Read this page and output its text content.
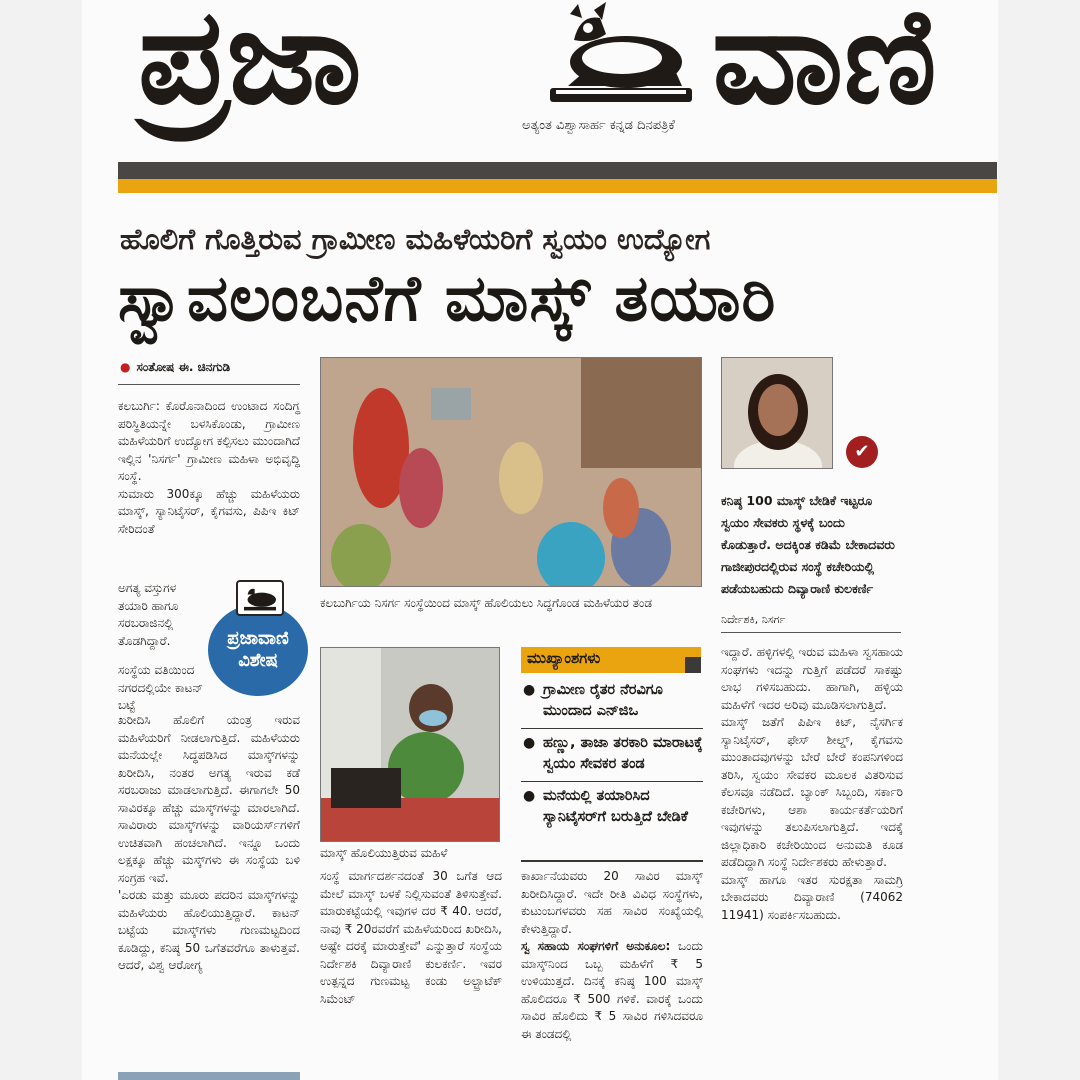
ಪ್ರಜಾ	ವಾಣಿ
ಅತ್ಯಂತ ವಿಶ್ವಾಸಾರ್ಹ ಕನ್ನಡ ದಿನಪತ್ರಿಕೆ
ಹೊಲಿಗೆ ಗೊತ್ತಿರುವ ಗ್ರಾಮೀಣ ಮಹಿಳೆಯರಿಗೆ ಸ್ವಯಂ ಉದ್ಯೋಗ
ಸ್ವಾವಲಂಬನೆಗೆ ಮಾಸ್ಕ್ ತಯಾರಿ
● ಸಂತೋಷ ಈ. ಚಿನಗುಡಿ

ಕಲಬುರ್ಗಿ: ಕೊರೊನಾದಿಂದ ಉಂಟಾದ ಸಂದಿಗ್ಧ ಪರಿಸ್ಥಿತಿಯನ್ನೇ ಬಳಸಿಕೊಂಡು, ಗ್ರಾಮೀಣ ಮಹಿಳೆಯರಿಗೆ ಉದ್ಯೋಗ ಕಲ್ಪಿಸಲು ಮುಂದಾಗಿದೆ ಇಲ್ಲಿನ 'ನಿಸರ್ಗ' ಗ್ರಾಮೀಣ ಮಹಿಳಾ ಅಭಿವೃದ್ಧಿ ಸಂಸ್ಥೆ.

ಸುಮಾರು 300ಕ್ಕೂ ಹೆಚ್ಚು ಮಹಿಳೆಯರು ಮಾಸ್ಕ್, ಸ್ಯಾನಿಟೈಸರ್, ಕೈಗವಸು, ಪಿಪಿಇ ಕಿಟ್ ಸೇರಿದಂತೆ

ಅಗತ್ಯ ವಸ್ತುಗಳ ತಯಾರಿ ಹಾಗೂ ಸರಬರಾಜಿನಲ್ಲಿ ತೊಡಗಿದ್ದಾರೆ.

ಸಂಸ್ಥೆಯ ವತಿಯಿಂದ ನಗರದಲ್ಲಿಯೇ ಕಾಟನ್ ಬಟ್ಟೆ

ಖರೀದಿಸಿ ಹೊಲಿಗೆ ಯಂತ್ರ ಇರುವ ಮಹಿಳೆಯರಿಗೆ ನೀಡಲಾಗುತ್ತಿದೆ. ಮಹಿಳೆಯರು ಮನೆಯಲ್ಲೇ ಸಿದ್ಧಪಡಿಸಿದ ಮಾಸ್ಕ್‌ಗಳನ್ನು ಖರೀದಿಸಿ, ನಂತರ ಅಗತ್ಯ ಇರುವ ಕಡೆ ಸರಬರಾಜು ಮಾಡಲಾಗುತ್ತಿದೆ. ಈಗಾಗಲೇ 50 ಸಾವಿರಕ್ಕೂ ಹೆಚ್ಚು ಮಾಸ್ಕ್‌ಗಳನ್ನು ಮಾರಲಾಗಿದೆ. ಸಾವಿರಾರು ಮಾಸ್ಕ್‌ಗಳನ್ನು ವಾರಿಯರ್ಸ್‌ಗಳಿಗೆ ಉಚಿತವಾಗಿ ಹಂಚಲಾಗಿದೆ. ಇನ್ನೂ ಒಂದು ಲಕ್ಷಕ್ಕೂ ಹೆಚ್ಚು ಮಸ್ಕ್‌ಗಳು ಈ ಸಂಸ್ಥೆಯ ಬಳಿ ಸಂಗ್ರಹ ಇವೆ.

'ಎರಡು ಮತ್ತು ಮೂರು ಪದರಿನ ಮಾಸ್ಕ್‌ಗಳನ್ನು ಮಹಿಳೆಯರು ಹೊಲಿಯುತ್ತಿದ್ದಾರೆ. ಕಾಟನ್ ಬಟ್ಟೆಯ ಮಾಸ್ಕ್‌ಗಳು ಗುಣಮಟ್ಟದಿಂದ ಕೂಡಿದ್ದು, ಕನಿಷ್ಠ 50 ಒಗೆತವರೆಗೂ ತಾಳುತ್ತವೆ. ಆದರೆ, ವಿಶ್ವ ಆರೋಗ್ಯ

ಪ್ರಜಾವಾಣಿ ವಿಶೇಷ
ಕಲಬುರ್ಗಿಯ ನಿಸರ್ಗ ಸಂಸ್ಥೆಯಿಂದ ಮಾಸ್ಕ್ ಹೊಲಿಯಲು ಸಿದ್ಧಗೊಂಡ ಮಹಿಳೆಯರ ತಂಡ
✔
ಕನಿಷ್ಠ 100 ಮಾಸ್ಕ್ ಬೇಡಿಕೆ ಇಟ್ಟರೂ ಸ್ವಯಂ ಸೇವಕರು ಸ್ಥಳಕ್ಕೆ ಬಂದು ಕೊಡುತ್ತಾರೆ. ಅದಕ್ಕಿಂತ ಕಡಿಮೆ ಬೇಕಾದವರು ಗಾಜೀಪುರದಲ್ಲಿರುವ ಸಂಸ್ಥೆ ಕಚೇರಿಯಲ್ಲಿ ಪಡೆಯಬಹುದು ದಿವ್ಯಾರಾಣಿ ಕುಲಕರ್ಣಿ
ನಿರ್ದೇಶಕಿ, ನಿಸರ್ಗ
ಮಾಸ್ಕ್ ಹೊಲಿಯುತ್ತಿರುವ ಮಹಿಳೆ
ಮುಖ್ಯಾಂಶಗಳು
● ಗ್ರಾಮೀಣ ರೈತರ ನೆರವಿಗೂ ಮುಂದಾದ ಎನ್‌ಜಿಒ
● ಹಣ್ಣು, ತಾಜಾ ತರಕಾರಿ ಮಾರಾಟಕ್ಕೆ ಸ್ವಯಂ ಸೇವಕರ ತಂಡ
● ಮನೆಯಲ್ಲಿ ತಯಾರಿಸಿದ ಸ್ಯಾನಿಟೈಸರ್‌ಗೆ ಬರುತ್ತಿದೆ ಬೇಡಿಕೆ

ಸಂಸ್ಥೆ ಮಾರ್ಗದರ್ಶನದಂತೆ 30 ಒಗೆತ ಆದ ಮೇಲೆ ಮಾಸ್ಕ್ ಬಳಕೆ ನಿಲ್ಲಿಸುವಂತೆ ತಿಳಿಸುತ್ತೇವೆ. ಮಾರುಕಟ್ಟೆಯಲ್ಲಿ ಇವುಗಳ ದರ ₹ 40. ಆದರೆ, ನಾವು ₹ 20ರವರೆಗೆ ಮಹಿಳೆಯರಿಂದ ಖರೀದಿಸಿ, ಅಷ್ಟೇ ದರಕ್ಕೆ ಮಾರುತ್ತೇವೆ' ಎನ್ನುತ್ತಾರೆ ಸಂಸ್ಥೆಯ ನಿರ್ದೇಶಕಿ ದಿವ್ಯಾರಾಣಿ ಕುಲಕರ್ಣಿ. ಇವರ ಉತ್ಪನ್ನದ ಗುಣಮಟ್ಟ ಕಂಡು ಅಲ್ಟ್ರಾಟೆಕ್ ಸಿಮೆಂಟ್

ಕಾರ್ಖಾನೆಯವರು 20 ಸಾವಿರ ಮಾಸ್ಕ್ ಖರೀದಿಸಿದ್ದಾರೆ. ಇದೇ ರೀತಿ ವಿವಿಧ ಸಂಸ್ಥೆಗಳು, ಕುಟುಂಬಗಳವರು ಸಹ ಸಾವಿರ ಸಂಖ್ಯೆಯಲ್ಲಿ ಕೇಳುತ್ತಿದ್ದಾರೆ.

ಸ್ವ ಸಹಾಯ ಸಂಘಗಳಿಗೆ ಅನುಕೂಲ: ಒಂದು ಮಾಸ್ಕ್‌ನಿಂದ ಒಬ್ಬ ಮಹಿಳೆಗೆ ₹ 5 ಉಳಿಯುತ್ತದೆ. ದಿನಕ್ಕೆ ಕನಿಷ್ಠ 100 ಮಾಸ್ಕ್ ಹೊಲಿದರೂ ₹ 500 ಗಳಿಕೆ. ವಾರಕ್ಕೆ ಒಂದು ಸಾವಿರ ಹೊಲಿದು ₹ 5 ಸಾವಿರ ಗಳಿಸಿದವರೂ ಈ ತಂಡದಲ್ಲಿ

ಇದ್ದಾರೆ. ಹಳ್ಳಿಗಳಲ್ಲಿ ಇರುವ ಮಹಿಳಾ ಸ್ವಸಹಾಯ ಸಂಘಗಳು ಇದನ್ನು ಗುತ್ತಿಗೆ ಪಡೆದರೆ ಸಾಕಷ್ಟು ಲಾಭ ಗಳಿಸಬಹುದು. ಹಾಗಾಗಿ, ಹಳ್ಳಿಯ ಮಹಿಳೆಗೆ ಇದರ ಅರಿವು ಮೂಡಿಸಲಾಗುತ್ತಿದೆ.

ಮಾಸ್ಕ್ ಜತೆಗೆ ಪಿಪಿಇ ಕಿಟ್, ನೈಸರ್ಗಿಕ ಸ್ಯಾನಿಟೈಸರ್, ಫೇಸ್ ಶೀಲ್ಡ್, ಕೈಗವಸು ಮುಂತಾದವುಗಳನ್ನು ಬೇರೆ ಬೇರೆ ಕಂಪನಿಗಳಿಂದ ತರಿಸಿ, ಸ್ವಯಂ ಸೇವಕರ ಮೂಲಕ ವಿತರಿಸುವ ಕೆಲಸವೂ ನಡೆದಿದೆ. ಬ್ಯಾಂಕ್ ಸಿಬ್ಬಂದಿ, ಸರ್ಕಾರಿ ಕಚೇರಿಗಳು, ಆಶಾ ಕಾರ್ಯಕರ್ತೆಯರಿಗೆ ಇವುಗಳನ್ನು ತಲುಪಿಸಲಾಗುತ್ತಿದೆ. ಇದಕ್ಕೆ ಜಿಲ್ಲಾಧಿಕಾರಿ ಕಚೇರಿಯಿಂದ ಅನುಮತಿ ಕೂಡ ಪಡೆದಿದ್ದಾಗಿ ಸಂಸ್ಥೆ ನಿರ್ದೇಶಕರು ಹೇಳುತ್ತಾರೆ.

ಮಾಸ್ಕ್ ಹಾಗೂ ಇತರ ಸುರಕ್ಷತಾ ಸಾಮಗ್ರಿ ಬೇಕಾದವರು ದಿವ್ಯಾರಾಣಿ (74062 11941) ಸಂಪರ್ಕಿಸಬಹುದು.
